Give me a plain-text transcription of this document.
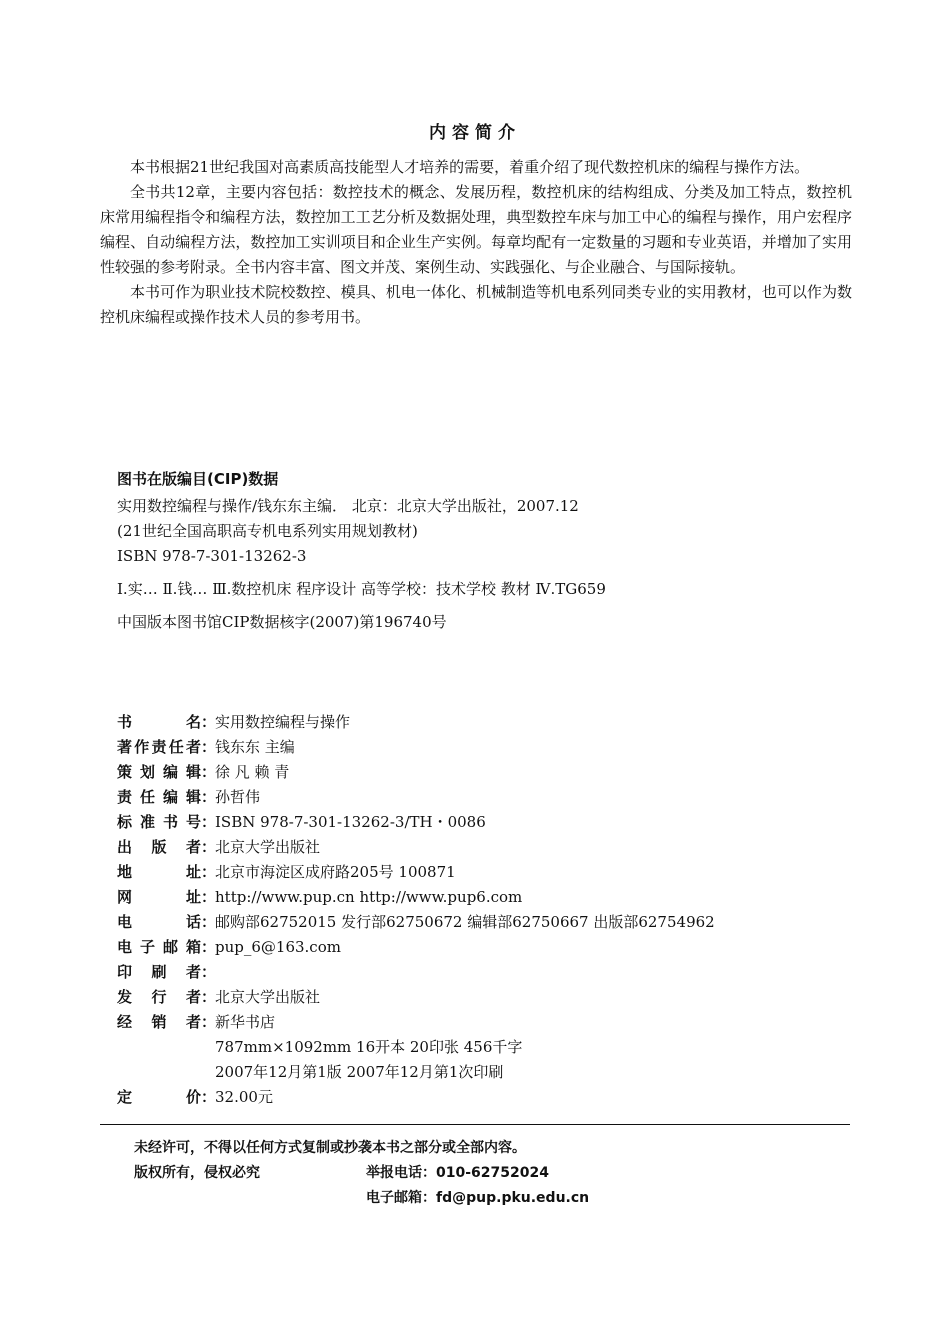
内容简介

本书根据21世纪我国对高素质高技能型人才培养的需要，着重介绍了现代数控机床的编程与操作方法。

全书共12章，主要内容包括：数控技术的概念、发展历程，数控机床的结构组成、分类及加工特点，数控机床常用编程指令和编程方法，数控加工工艺分析及数据处理，典型数控车床与加工中心的编程与操作，用户宏程序编程、自动编程方法，数控加工实训项目和企业生产实例。每章均配有一定数量的习题和专业英语，并增加了实用性较强的参考附录。全书内容丰富、图文并茂、案例生动、实践强化、与企业融合、与国际接轨。

本书可作为职业技术院校数控、模具、机电一体化、机械制造等机电系列同类专业的实用教材，也可以作为数控机床编程或操作技术人员的参考用书。

图书在版编目(CIP)数据
实用数控编程与操作/钱东东主编． 北京：北京大学出版社，2007.12
(21世纪全国高职高专机电系列实用规划教材)
ISBN 978-7-301-13262-3
Ⅰ.实… Ⅱ.钱… Ⅲ.数控机床 程序设计 高等学校：技术学校 教材 Ⅳ.TG659
中国版本图书馆CIP数据核字(2007)第196740号
书	名 ：
实用数控编程与操作
著 作 责 任 者 ：
钱东东 主编
策 划 编 辑 ：
徐 凡 赖 青
责 任 编 辑 ：
孙哲伟
标 准 书 号 ：
ISBN 978-7-301-13262-3/TH・0086
出 版 者 ：
北京大学出版社
地	址 ：
北京市海淀区成府路205号 100871
网	址 ：
http://www.pup.cn http://www.pup6.com
电	话 ：
邮购部62752015 发行部62750672 编辑部62750667 出版部62754962
电 子 邮 箱 ：
pup_6@163.com
印 刷 者 ：
发 行 者 ：
北京大学出版社
经 销 者 ：
新华书店
787mm×1092mm 16开本 20印张 456千字
2007年12月第1版 2007年12月第1次印刷
定	价 ：
32.00元
未经许可，不得以任何方式复制或抄袭本书之部分或全部内容。
版权所有，侵权必究	举报电话：010-62752024
电子邮箱：fd@pup.pku.edu.cn
